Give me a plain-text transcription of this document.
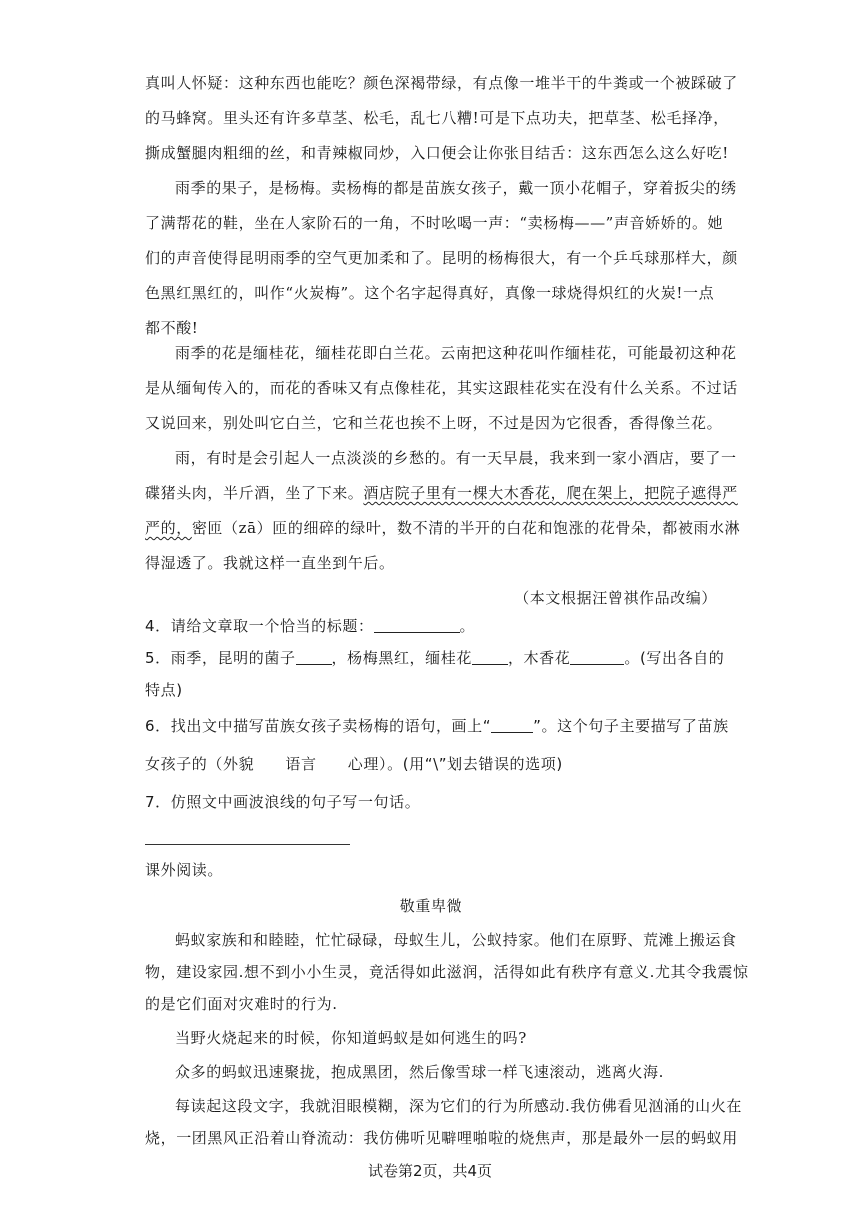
真叫人怀疑：这种东西也能吃？颜色深褐带绿，有点像一堆半干的牛粪或一个被踩破了
的马蜂窝。里头还有许多草茎、松毛，乱七八糟!可是下点功夫，把草茎、松毛择净，
撕成蟹腿肉粗细的丝，和青辣椒同炒，入口便会让你张目结舌：这东西怎么这么好吃!
雨季的果子，是杨梅。卖杨梅的都是苗族女孩子，戴一顶小花帽子，穿着扳尖的绣
了满帮花的鞋，坐在人家阶石的一角，不时吆喝一声：“卖杨梅——”声音娇娇的。她
们的声音使得昆明雨季的空气更加柔和了。昆明的杨梅很大，有一个乒乓球那样大，颜
色黑红黑红的，叫作“火炭梅”。这个名字起得真好，真像一球烧得炽红的火炭!一点
都不酸!
雨季的花是缅桂花，缅桂花即白兰花。云南把这种花叫作缅桂花，可能最初这种花
是从缅甸传入的，而花的香味又有点像桂花，其实这跟桂花实在没有什么关系。不过话
又说回来，别处叫它白兰，它和兰花也挨不上呀，不过是因为它很香，香得像兰花。
雨，有时是会引起人一点淡淡的乡愁的。有一天早晨，我来到一家小酒店，要了一
碟猪头肉，半斤酒，坐了下来。酒店院子里有一棵大木香花，爬在架上，把院子遮得严
严的，密匝（zā）匝的细碎的绿叶，数不清的半开的白花和饱涨的花骨朵，都被雨水淋
得湿透了。我就这样一直坐到午后。
（本文根据汪曾祺作品改编）
4．请给文章取一个恰当的标题：	。
5．雨季，昆明的菌子 ，杨梅黑红，缅桂花 ，木香花	。(写出各自的
特点)
6．找出文中描写苗族女孩子卖杨梅的语句，画上“	”。这个句子主要描写了苗族
女孩子的（外貌　　语言　　心理）。(用“\”划去错误的选项)
7．仿照文中画波浪线的句子写一句话。
课外阅读。
敬重卑微
蚂蚁家族和和睦睦，忙忙碌碌，母蚁生儿，公蚁持家。他们在原野、荒滩上搬运食
物，建设家园.想不到小小生灵，竟活得如此滋润，活得如此有秩序有意义.尤其令我震惊
的是它们面对灾难时的行为.
当野火烧起来的时候，你知道蚂蚁是如何逃生的吗?
众多的蚂蚁迅速聚拢，抱成黑团，然后像雪球一样飞速滚动，逃离火海.
每读起这段文字，我就泪眼模糊，深为它们的行为所感动.我仿佛看见汹涌的山火在
烧，一团黑风正沿着山脊流动：我仿佛听见噼哩啪啦的烧焦声，那是最外一层的蚂蚁用
试卷第2页，共4页
